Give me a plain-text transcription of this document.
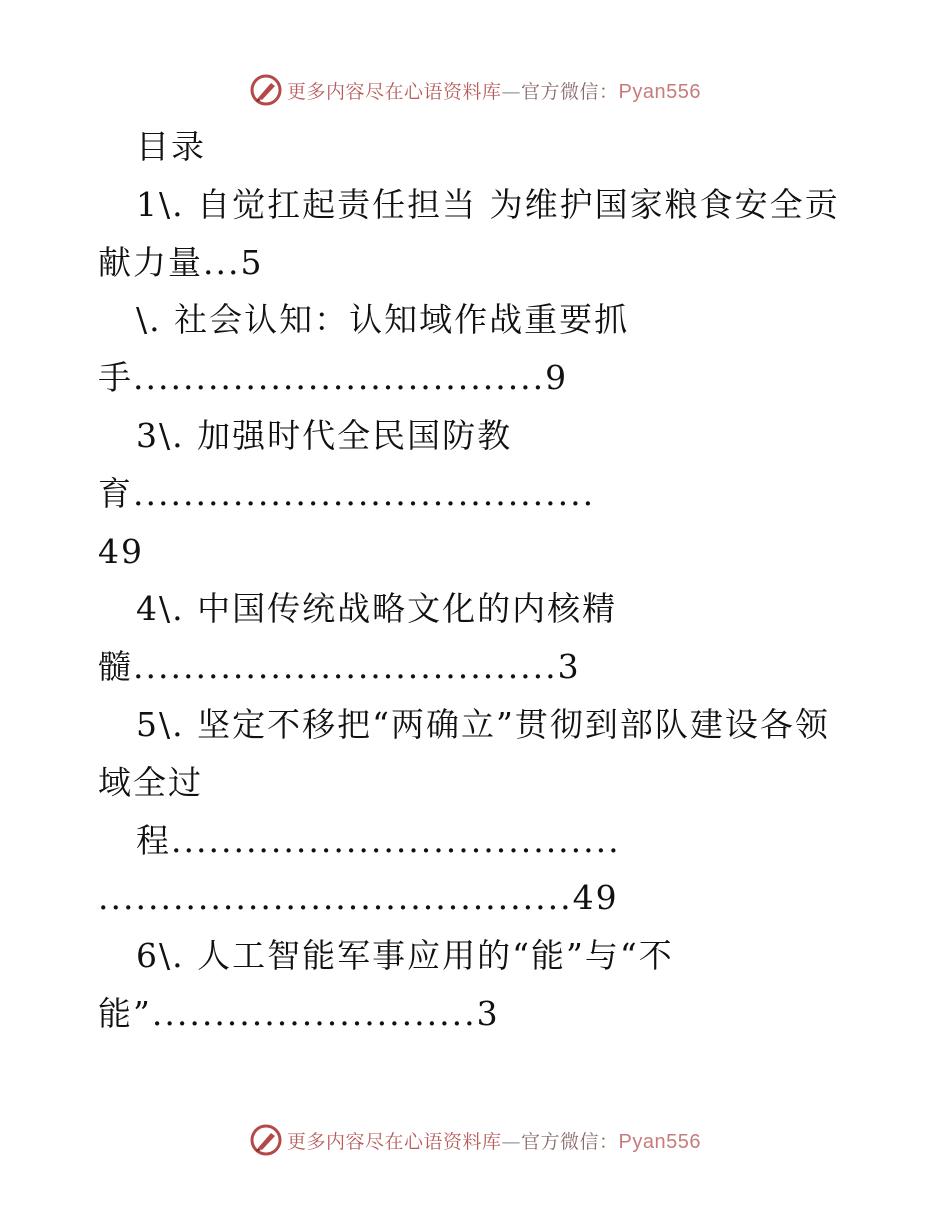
更多内容尽在心语资料库—官方微信：Pyan556
目录
1\. 自觉扛起责任担当 为维护国家粮食安全贡
献力量...5
\. 社会认知：认知域作战重要抓
手.................................9
3\. 加强时代全民国防教
育.....................................
49
4\. 中国传统战略文化的内核精
髓..................................3
5\. 坚定不移把“两确立”贯彻到部队建设各领
域全过
程....................................
......................................49
6\. 人工智能军事应用的“能”与“不
能”..........................3
更多内容尽在心语资料库—官方微信：Pyan556
